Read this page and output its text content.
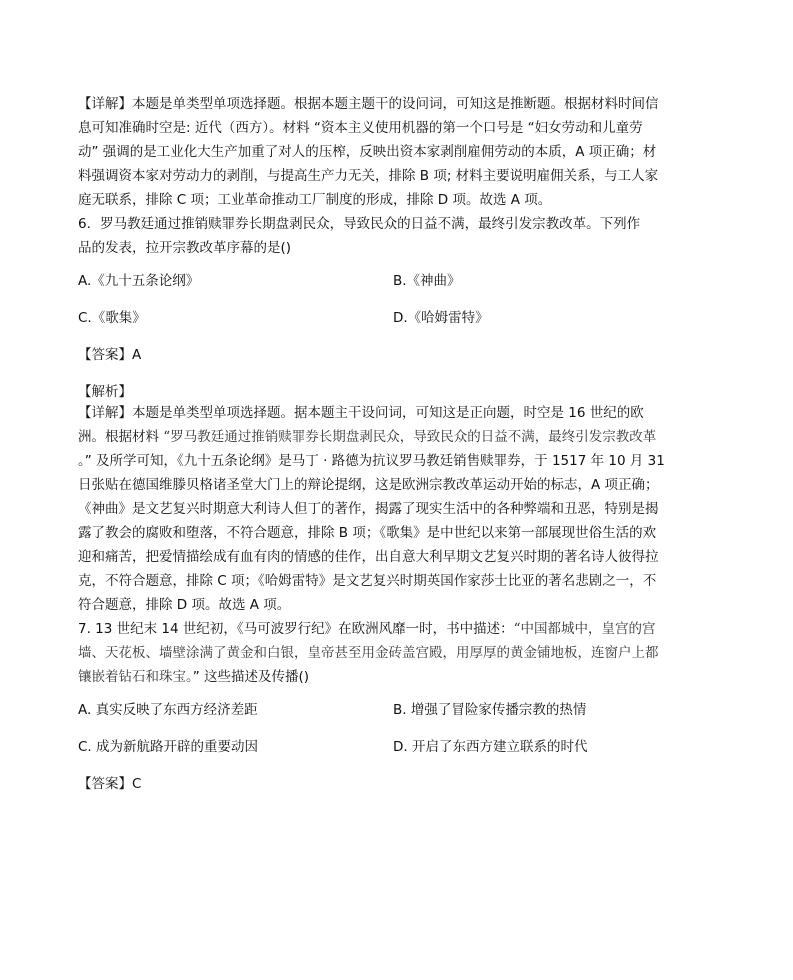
【详解】本题是单类型单项选择题。根据本题主题干的设问词，可知这是推断题。根据材料时间信

息可知准确时空是: 近代（西方）。材料 “资本主义使用机器的第一个口号是 “妇女劳动和儿童劳

动” 强调的是工业化大生产加重了对人的压榨，反映出资本家剥削雇佣劳动的本质，A 项正确；材

料强调资本家对劳动力的剥削，与提高生产力无关，排除 B 项; 材料主要说明雇佣关系，与工人家

庭无联系，排除 C 项；工业革命推动工厂制度的形成，排除 D 项。故选 A 项。

6．罗马教廷通过推销赎罪券长期盘剥民众，导致民众的日益不满，最终引发宗教改革。下列作

品的发表，拉开宗教改革序幕的是()

A.《九十五条论纲》	B.《神曲》

C.《歌集》	D.《哈姆雷特》

【答案】A

【解析】

【详解】本题是单类型单项选择题。据本题主干设问词，可知这是正向题，时空是 16 世纪的欧

洲。根据材料 “罗马教廷通过推销赎罪券长期盘剥民众，导致民众的日益不满，最终引发宗教改革

。” 及所学可知，《九十五条论纲》是马丁 · 路德为抗议罗马教廷销售赎罪券，于 1517 年 10 月 31

日张贴在德国维滕贝格诸圣堂大门上的辩论提纲，这是欧洲宗教改革运动开始的标志，A 项正确；

《神曲》是文艺复兴时期意大利诗人但丁的著作，揭露了现实生活中的各种弊端和丑恶，特别是揭

露了教会的腐败和堕落，不符合题意，排除 B 项；《歌集》是中世纪以来第一部展现世俗生活的欢

迎和痛苦，把爱情描绘成有血有肉的情感的佳作，出自意大利早期文艺复兴时期的著名诗人彼得拉

克，不符合题意，排除 C 项；《哈姆雷特》是文艺复兴时期英国作家莎士比亚的著名悲剧之一，不

符合题意，排除 D 项。故选 A 项。

7. 13 世纪末 14 世纪初，《马可波罗行纪》在欧洲风靡一时，书中描述：“中国都城中，皇宫的宫

墙、天花板、墙壁涂满了黄金和白银，皇帝甚至用金砖盖宫殿，用厚厚的黄金铺地板，连窗户上都

镶嵌着钻石和珠宝。” 这些描述及传播()

A. 真实反映了东西方经济差距	B. 增强了冒险家传播宗教的热情

C. 成为新航路开辟的重要动因	D. 开启了东西方建立联系的时代

【答案】C
